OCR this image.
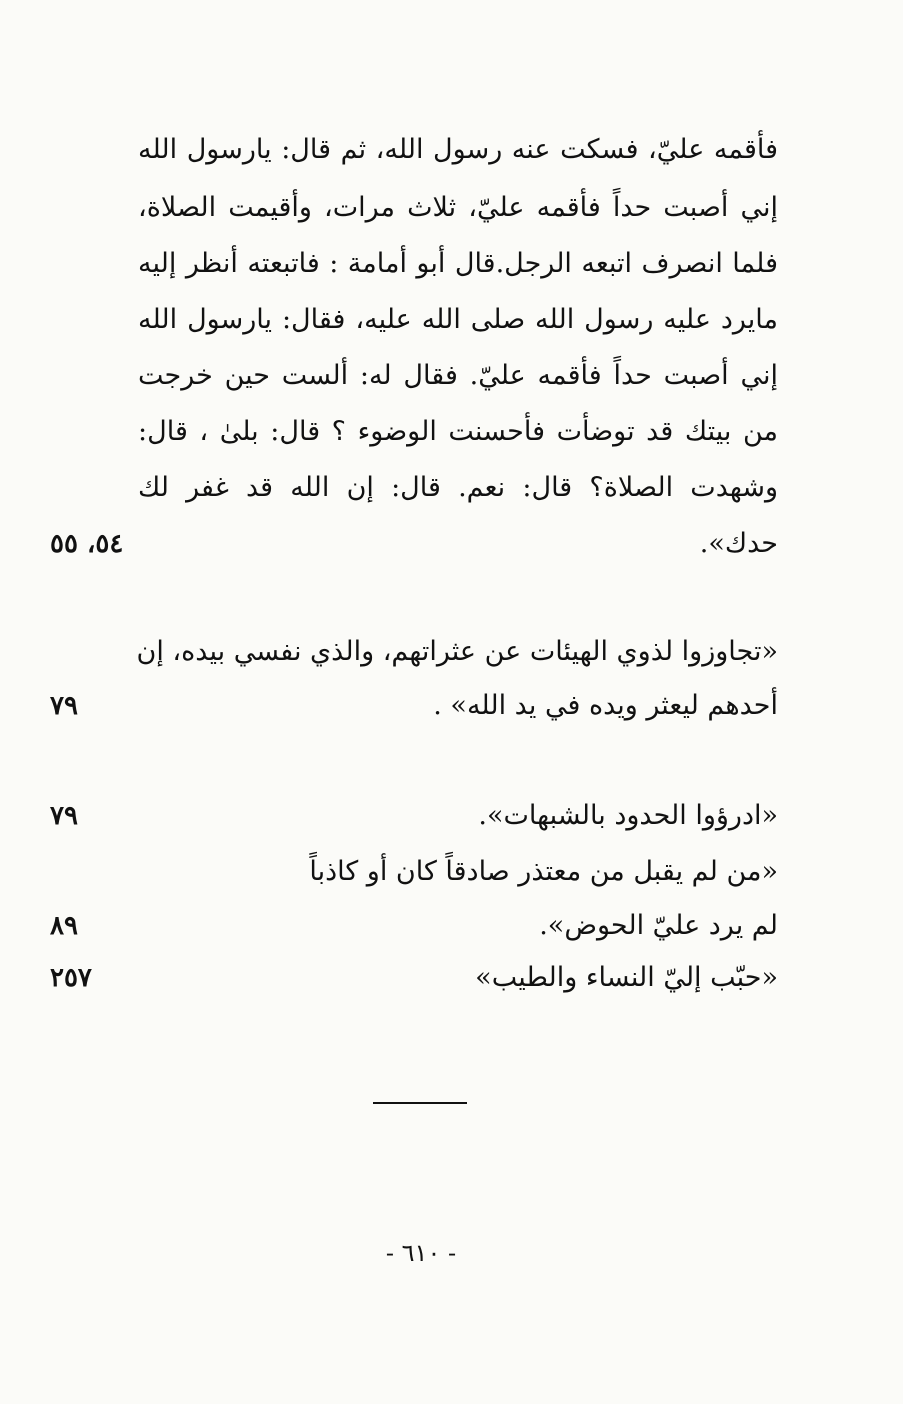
فأقمه عليّ، فسكت عنه رسول الله، ثم قال: يارسول الله
إني أصبت حداً فأقمه عليّ، ثلاث مرات، وأقيمت الصلاة،
فلما انصرف اتبعه الرجل.قال أبو أمامة : فاتبعته أنظر إليه
مايرد عليه رسول الله صلى الله عليه، فقال: يارسول الله
إني أصبت حداً فأقمه عليّ. فقال له: ألست حين خرجت
من بيتك قد توضأت فأحسنت الوضوء ؟ قال: بلىٰ ، قال:
وشهدت الصلاة؟ قال: نعم. قال: إن الله قد غفر لك
حدك».
٥٤، ٥٥
«تجاوزوا لذوي الهيئات عن عثراتهم، والذي نفسي بيده، إن
أحدهم ليعثر ويده في يد الله» .
٧٩
«ادرؤوا الحدود بالشبهات».
٧٩
«من لم يقبل من معتذر صادقاً كان أو كاذباً
لم يرد عليّ الحوض».
٨٩
«حبّب إليّ النساء والطيب»
٢٥٧
- ٦١٠ -
